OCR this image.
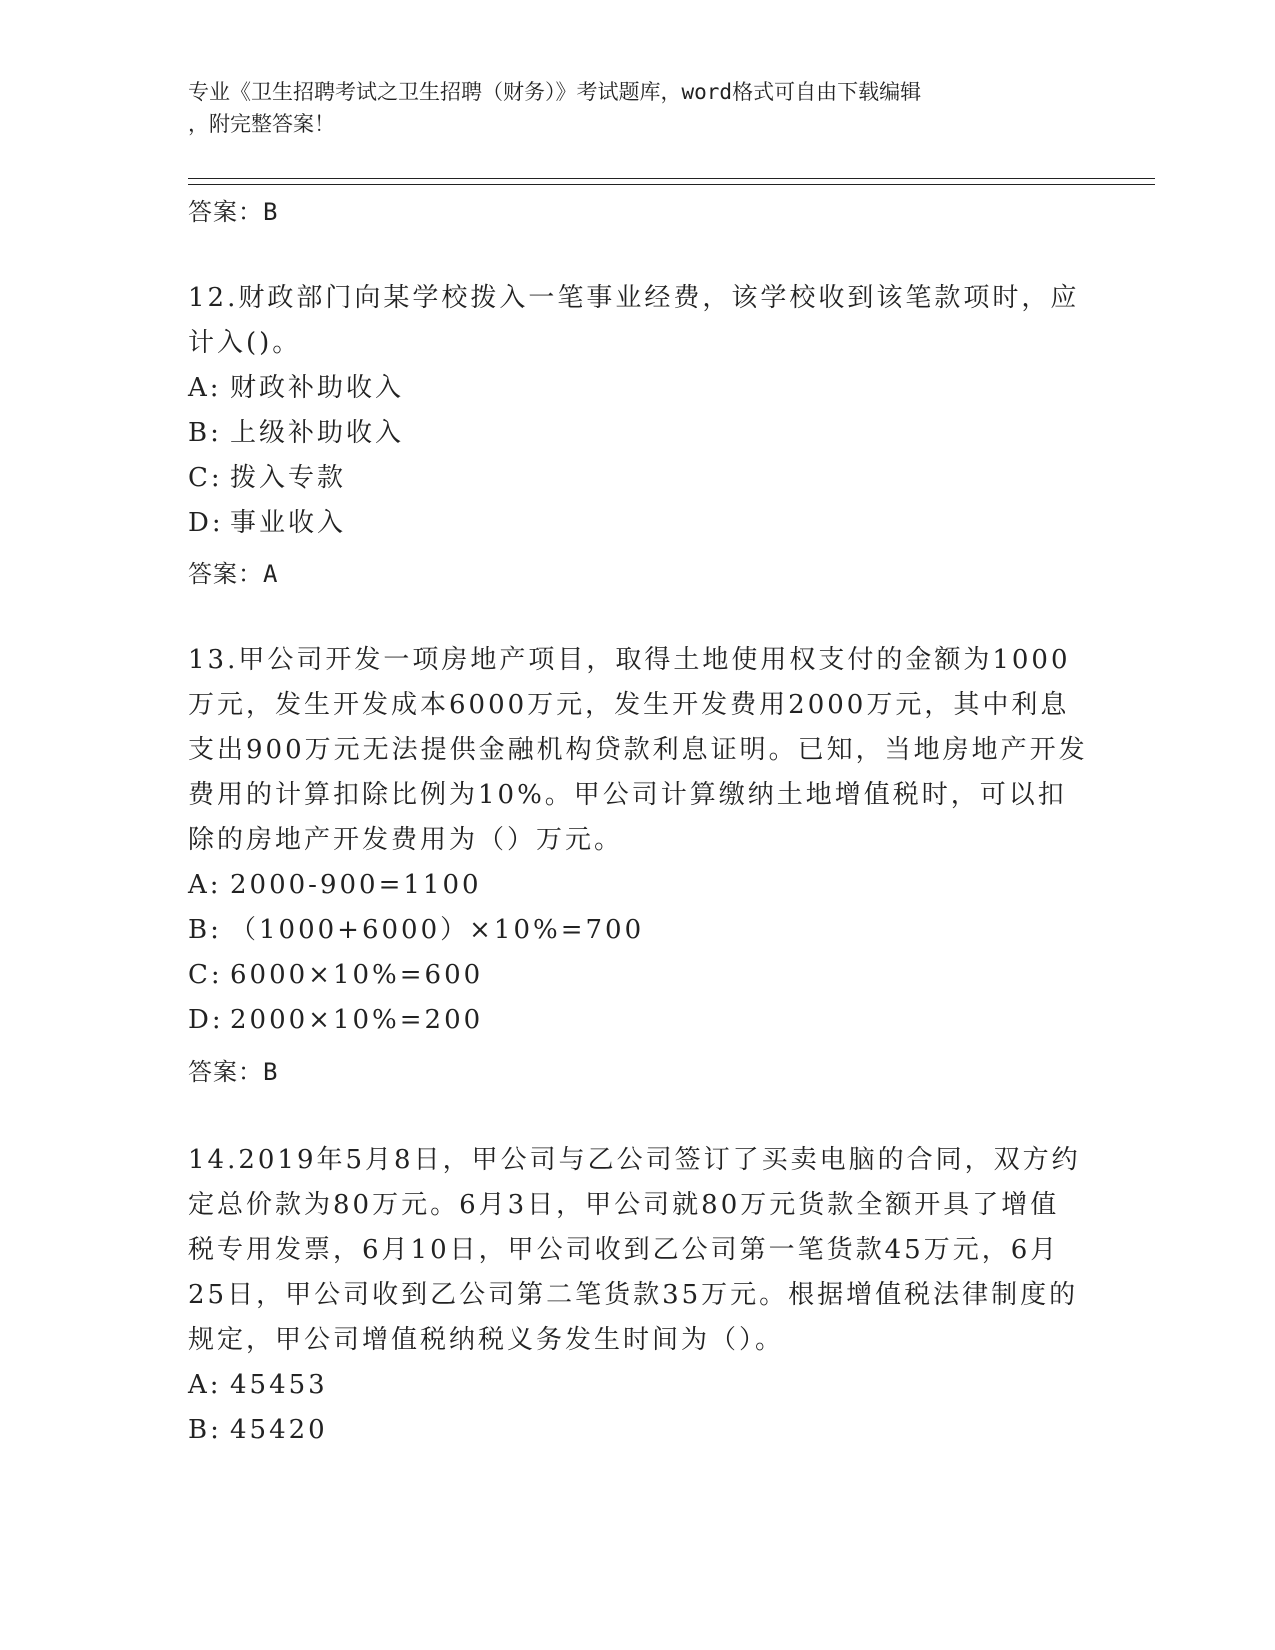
专业《卫生招聘考试之卫生招聘（财务）》考试题库，word格式可自由下载编辑
，附完整答案！
答案：B
12.财政部门向某学校拨入一笔事业经费，该学校收到该笔款项时，应计入()。
A: 财政补助收入
B: 上级补助收入
C: 拨入专款
D: 事业收入
答案：A
13.甲公司开发一项房地产项目，取得土地使用权支付的金额为1000万元，发生开发成本6000万元，发生开发费用2000万元，其中利息支出900万元无法提供金融机构贷款利息证明。已知，当地房地产开发费用的计算扣除比例为10%。甲公司计算缴纳土地增值税时，可以扣除的房地产开发费用为（）万元。
A: 2000-900=1100
B: （1000+6000）×10%=700
C: 6000×10%=600
D: 2000×10%=200
答案：B
14.2019年5月8日，甲公司与乙公司签订了买卖电脑的合同，双方约定总价款为80万元。6月3日，甲公司就80万元货款全额开具了增值税专用发票，6月10日，甲公司收到乙公司第一笔货款45万元，6月25日，甲公司收到乙公司第二笔货款35万元。根据增值税法律制度的规定，甲公司增值税纳税义务发生时间为（）。
A: 45453
B: 45420
